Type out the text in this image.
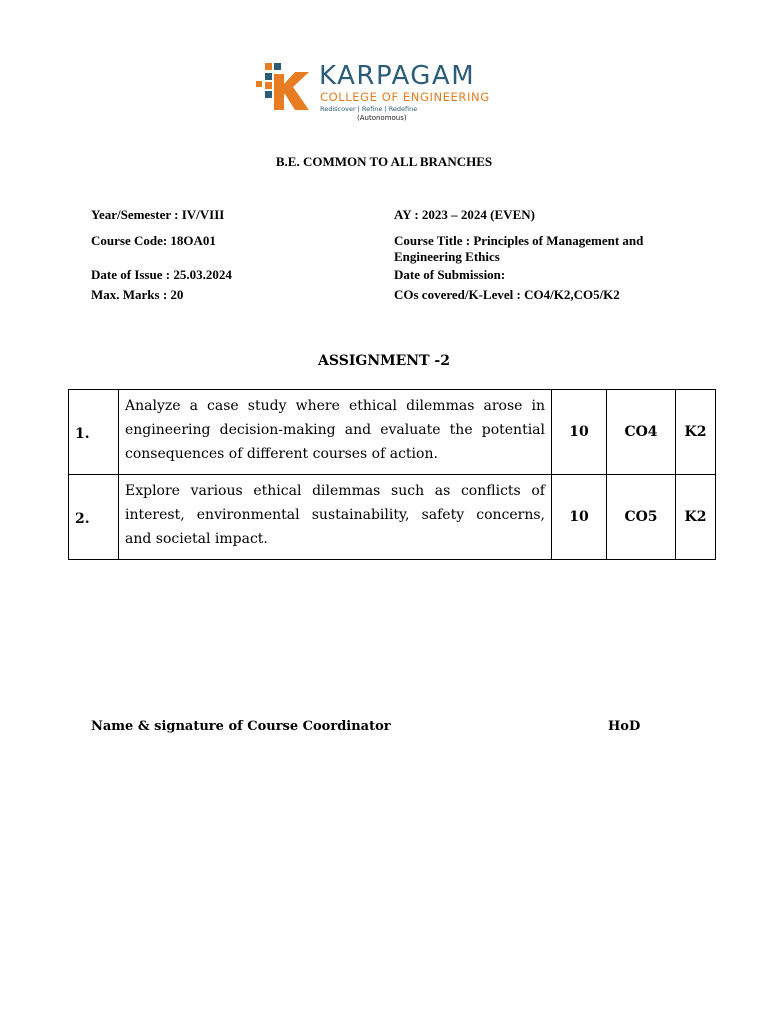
KARPAGAM
COLLEGE OF ENGINEERING
Rediscover | Refine | Redefine
(Autonomous)
B.E. COMMON TO ALL BRANCHES
Year/Semester : IV/VIII	AY : 2023 – 2024 (EVEN)
Course Code: 18OA01	Course Title : Principles of Management and Engineering Ethics
Date of Issue : 25.03.2024	Date of Submission:
Max. Marks : 20	COs covered/K-Level : CO4/K2,CO5/K2
ASSIGNMENT -2
1.	Analyze a case study where ethical dilemmas arose in engineering decision-making and evaluate the potential consequences of different courses of action.	10	CO4	K2
2.	Explore various ethical dilemmas such as conflicts of interest, environmental sustainability, safety concerns, and societal impact.	10	CO5	K2
Name & signature of Course Coordinator	HoD
